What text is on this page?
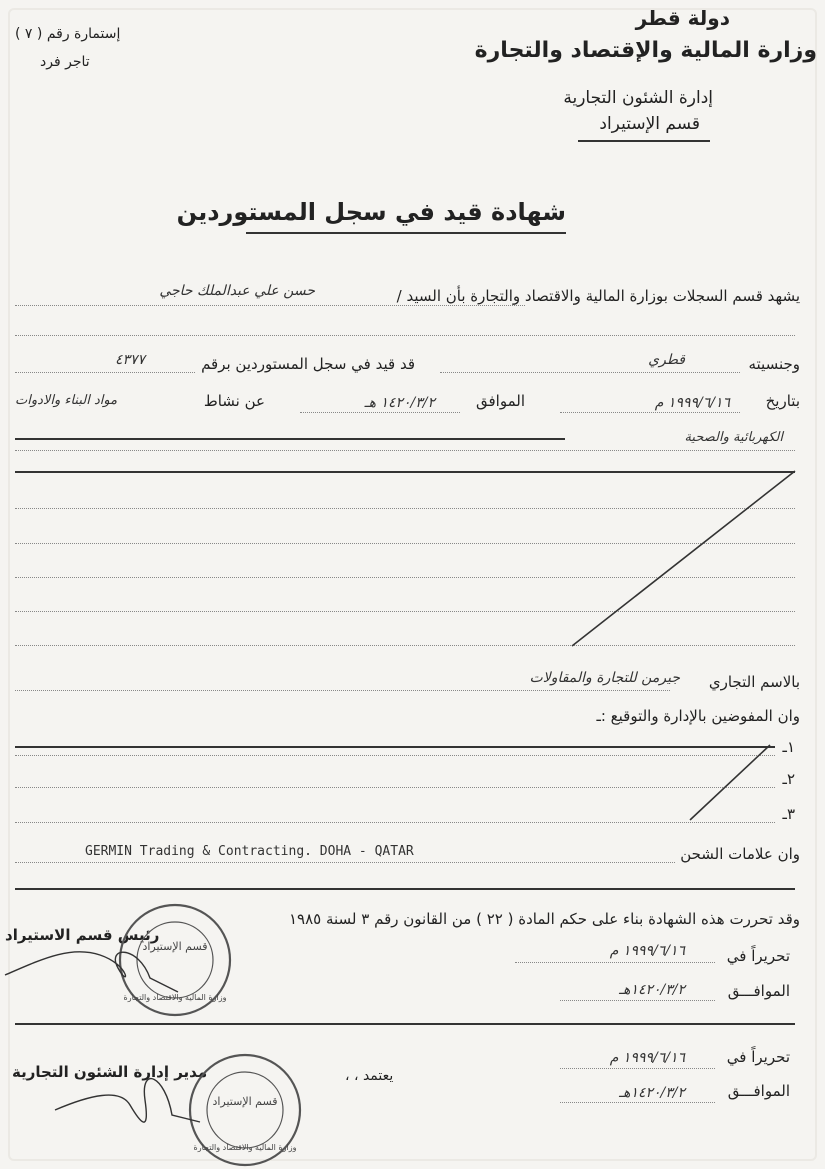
دولة قطر
وزارة المالية والإقتصاد والتجارة
إدارة الشئون التجارية
قسم الإستيراد
إستمارة رقم ( ٧ )
تاجر فرد
شهادة قيد في سجل المستوردين
يشهد قسم السجلات بوزارة المالية والاقتصاد والتجارة بأن السيد /
حسن علي عبدالملك حاجي
وجنسيته
قطري
قد قيد في سجل المستوردين برقم
٤٣٧٧
بتاريخ
١٩٩٩/٦/١٦ م
الموافق
١٤٢٠/٣/٢ هـ
عن نشاط
مواد البناء والادوات
الكهربائية والصحية
بالاسم التجاري
جيرمن للتجارة والمقاولات
وان المفوضين بالإدارة والتوقيع :ـ
١ـ
٢ـ
٣ـ
وان علامات الشحن
GERMIN Trading & Contracting. DOHA - QATAR
وقد تحررت هذه الشهادة بناء على حكم المادة ( ٢٢ ) من القانون رقم ٣ لسنة ١٩٨٥
تحريراً في
١٩٩٩/٦/١٦ م
الموافـــق
١٤٢٠/٣/٢هـ
رئيس قسم الاستيراد
يعتمد ، ،
تحريراً في
١٩٩٩/٦/١٦ م
الموافـــق
١٤٢٠/٣/٢هـ
مدير إدارة الشئون التجارية
قسم الإستيراد
وزارة المالية والاقتصاد والتجارة
قسم الإستيراد
وزارة المالية والاقتصاد والتجارة
